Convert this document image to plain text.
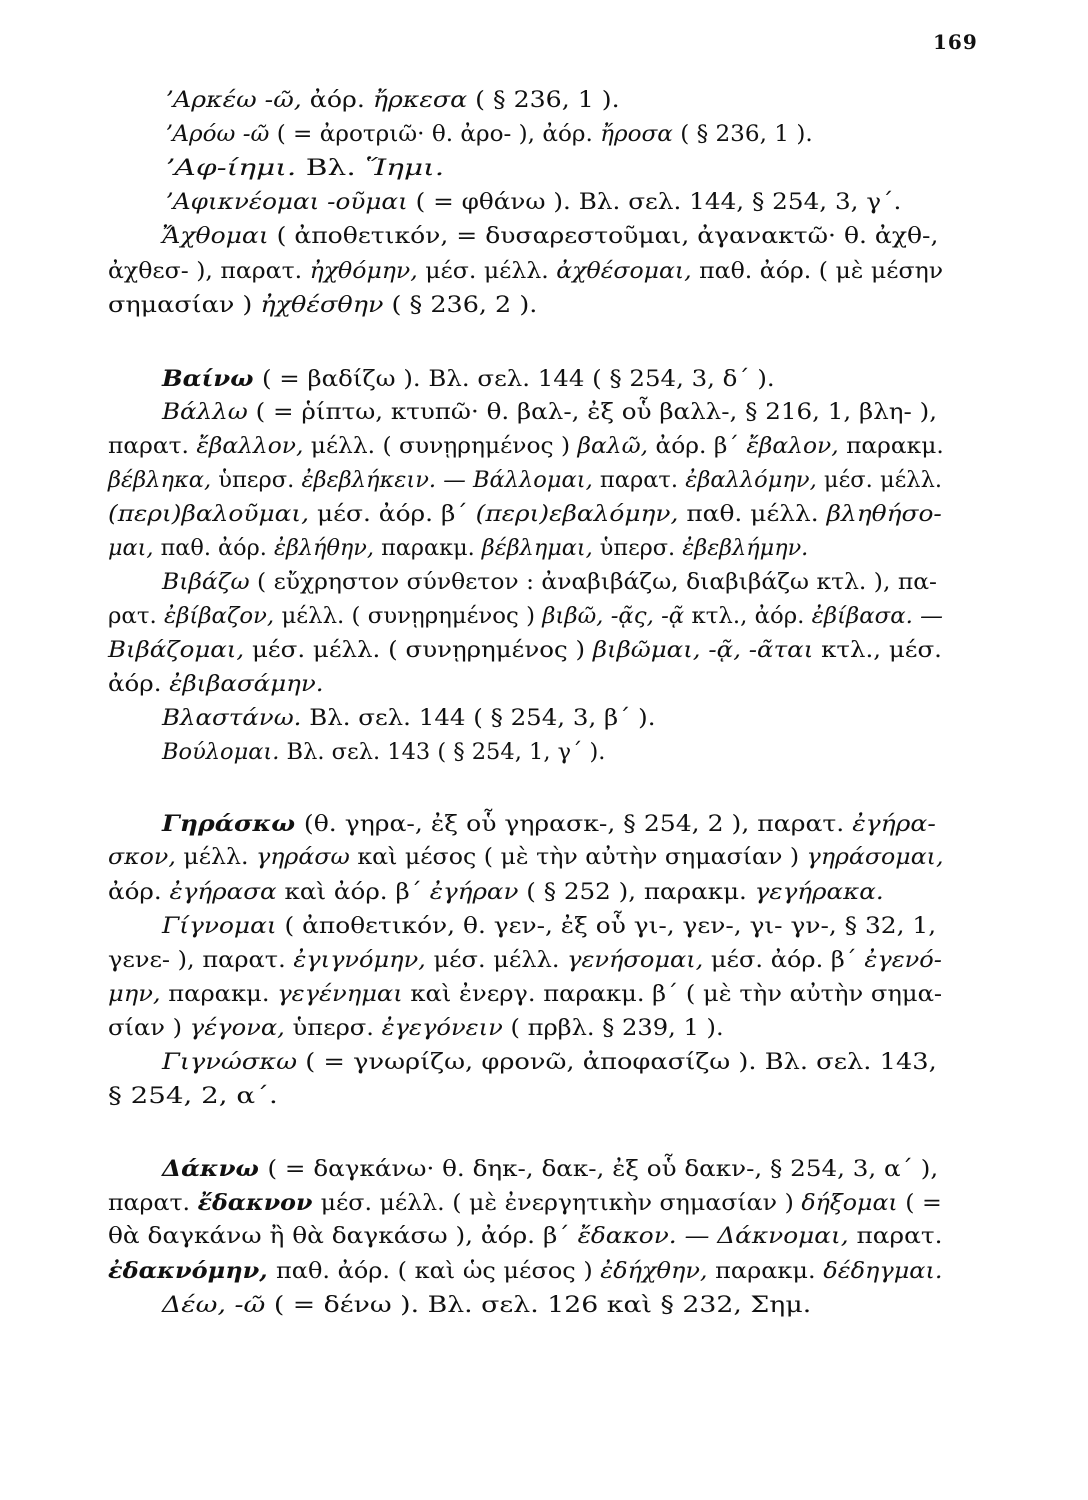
169
ʼΑρκέω -ῶ, ἀόρ. ἤρκεσα ( § 236, 1 ).
ʼΑρόω -ῶ ( = ἀροτριῶ· θ. ἀρο- ), ἀόρ. ἤροσα ( § 236, 1 ).
ʼΑφ-ίημι. Βλ. Ἵημι.
ʼΑφικνέομαι -οῦμαι ( = φθάνω ). Βλ. σελ. 144, § 254, 3, γ΄.
Ἄχθομαι ( ἀποθετικόν, = δυσαρεστοῦμαι, ἀγανακτῶ· θ. ἀχθ-,
ἀχθεσ- ), παρατ. ἠχθόμην, μέσ. μέλλ. ἀχθέσομαι, παθ. ἀόρ. ( μὲ μέσην
σημασίαν ) ἠχθέσθην ( § 236, 2 ).
Βαίνω ( = βαδίζω ). Βλ. σελ. 144 ( § 254, 3, δ΄ ).
Βάλλω ( = ῥίπτω, κτυπῶ· θ. βαλ-, ἐξ οὗ βαλλ-, § 216, 1, βλη- ),
παρατ. ἔβαλλον, μέλλ. ( συνῃρημένος ) βαλῶ, ἀόρ. β΄ ἔβαλον, παρακμ.
βέβληκα, ὑπερσ. ἐβεβλήκειν. — Βάλλομαι, παρατ. ἐβαλλόμην, μέσ. μέλλ.
(περι)βαλοῦμαι, μέσ. ἀόρ. β΄ (περι)εβαλόμην, παθ. μέλλ. βληθήσο-
μαι, παθ. ἀόρ. ἐβλήθην, παρακμ. βέβλημαι, ὑπερσ. ἐβεβλήμην.
Βιβάζω ( εὔχρηστον σύνθετον : ἀναβιβάζω, διαβιβάζω κτλ. ), πα-
ρατ. ἐβίβαζον, μέλλ. ( συνῃρημένος ) βιβῶ, -ᾷς, -ᾷ κτλ., ἀόρ. ἐβίβασα. —
Βιβάζομαι, μέσ. μέλλ. ( συνῃρημένος ) βιβῶμαι, -ᾷ, -ᾶται κτλ., μέσ.
ἀόρ. ἐβιβασάμην.
Βλαστάνω. Βλ. σελ. 144 ( § 254, 3, β΄ ).
Βούλομαι. Βλ. σελ. 143 ( § 254, 1, γ΄ ).
Γηράσκω (θ. γηρα-, ἐξ οὗ γηρασκ-, § 254, 2 ), παρατ. ἐγήρα-
σκον, μέλλ. γηράσω καὶ μέσος ( μὲ τὴν αὐτὴν σημασίαν ) γηράσομαι,
ἀόρ. ἐγήρασα καὶ ἀόρ. β΄ ἐγήραν ( § 252 ), παρακμ. γεγήρακα.
Γίγνομαι ( ἀποθετικόν, θ. γεν-, ἐξ οὗ γι-, γεν-, γι- γν-, § 32, 1,
γενε- ), παρατ. ἐγιγνόμην, μέσ. μέλλ. γενήσομαι, μέσ. ἀόρ. β΄ ἐγενό-
μην, παρακμ. γεγένημαι καὶ ἐνεργ. παρακμ. β΄ ( μὲ τὴν αὐτὴν σημα-
σίαν ) γέγονα, ὑπερσ. ἐγεγόνειν ( πρβλ. § 239, 1 ).
Γιγνώσκω ( = γνωρίζω, φρονῶ, ἀποφασίζω ). Βλ. σελ. 143,
§ 254, 2, α΄.
Δάκνω ( = δαγκάνω· θ. δηκ-, δακ-, ἐξ οὗ δακν-, § 254, 3, α΄ ),
παρατ. ἔδακνον μέσ. μέλλ. ( μὲ ἐνεργητικὴν σημασίαν ) δήξομαι ( =
θὰ δαγκάνω ἢ θὰ δαγκάσω ), ἀόρ. β΄ ἔδακον. — Δάκνομαι, παρατ.
ἐδακνόμην, παθ. ἀόρ. ( καὶ ὡς μέσος ) ἐδήχθην, παρακμ. δέδηγμαι.
Δέω, -ῶ ( = δένω ). Βλ. σελ. 126 καὶ § 232, Σημ.
